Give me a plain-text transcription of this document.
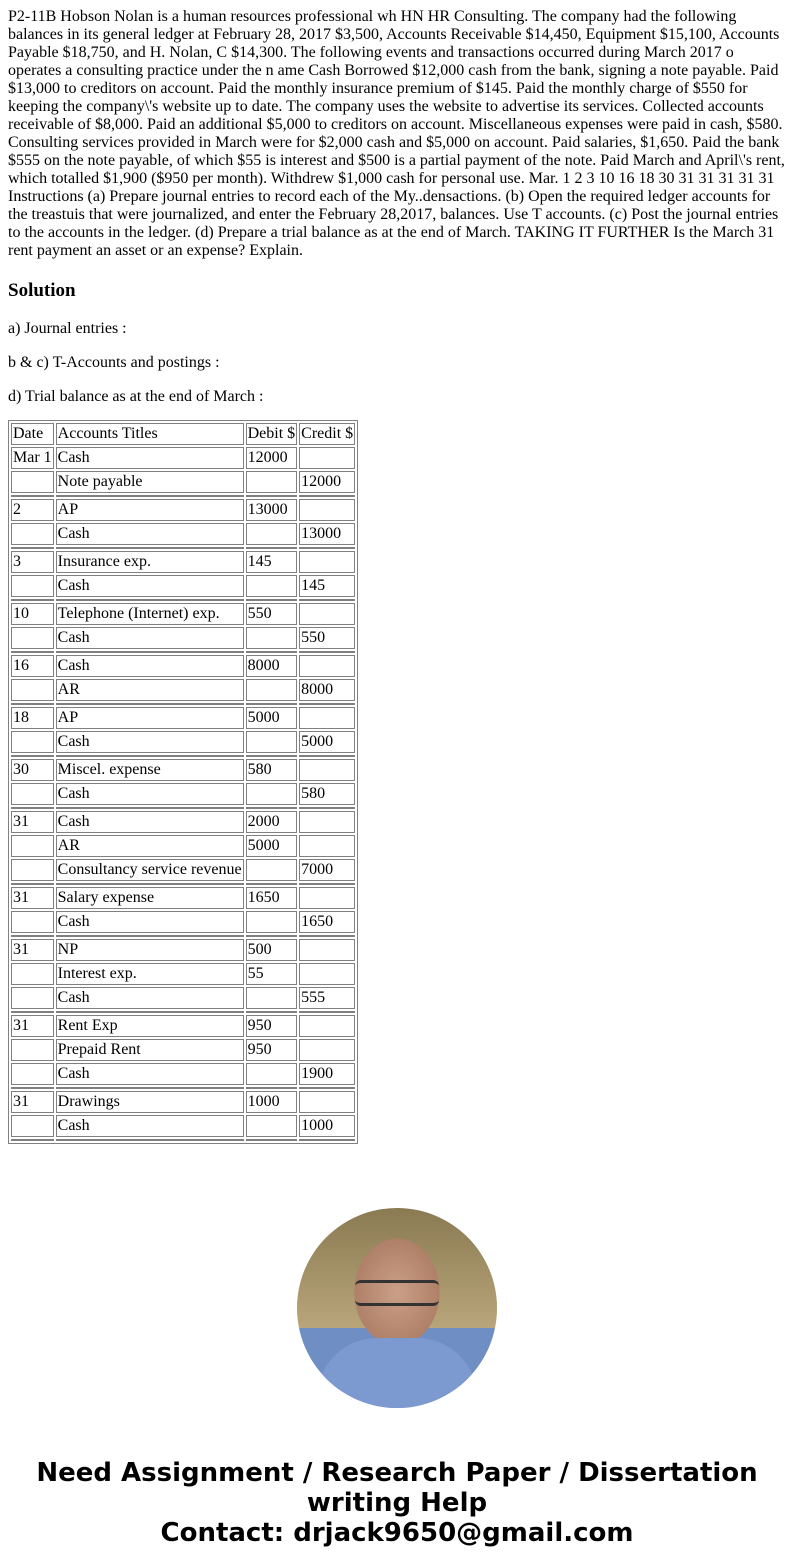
P2-11B Hobson Nolan is a human resources professional wh HN HR Consulting. The company had the following balances in its general ledger at February 28, 2017 $3,500, Accounts Receivable $14,450, Equipment $15,100, Accounts Payable $18,750, and H. Nolan, C $14,300. The following events and transactions occurred during March 2017 o operates a consulting practice under the n ame Cash Borrowed $12,000 cash from the bank, signing a note payable. Paid $13,000 to creditors on account. Paid the monthly insurance premium of $145. Paid the monthly charge of $550 for keeping the company\'s website up to date. The company uses the website to advertise its services. Collected accounts receivable of $8,000. Paid an additional $5,000 to creditors on account. Miscellaneous expenses were paid in cash, $580. Consulting services provided in March were for $2,000 cash and $5,000 on account. Paid salaries, $1,650. Paid the bank $555 on the note payable, of which $55 is interest and $500 is a partial payment of the note. Paid March and April\'s rent, which totalled $1,900 ($950 per month). Withdrew $1,000 cash for personal use. Mar. 1 2 3 10 16 18 30 31 31 31 31 31 Instructions (a) Prepare journal entries to record each of the My..densactions. (b) Open the required ledger accounts for the treastuis that were journalized, and enter the February 28,2017, balances. Use T accounts. (c) Post the journal entries to the accounts in the ledger. (d) Prepare a trial balance as at the end of March. TAKING IT FURTHER Is the March 31 rent payment an asset or an expense? Explain.

Solution

a) Journal entries :

b & c) T-Accounts and postings :

d) Trial balance as at the end of March :

Date	Accounts Titles	Debit $	Credit $
Mar 1	Cash	12000	
	Note payable		12000

2	AP	13000	
	Cash		13000

3	Insurance exp.	145	
	Cash		145

10	Telephone (Internet) exp.	550	
	Cash		550

16	Cash	8000	
	AR		8000

18	AP	5000	
	Cash		5000

30	Miscel. expense	580	
	Cash		580

31	Cash	2000	
	AR	5000	
	Consultancy service revenue		7000

31	Salary expense	1650	
	Cash		1650

31	NP	500	
	Interest exp.	55	
	Cash		555

31	Rent Exp	950	
	Prepaid Rent	950	
	Cash		1900

31	Drawings	1000	
	Cash		1000

Need Assignment / Research Paper / Dissertation writing Help
Contact: drjack9650@gmail.com
